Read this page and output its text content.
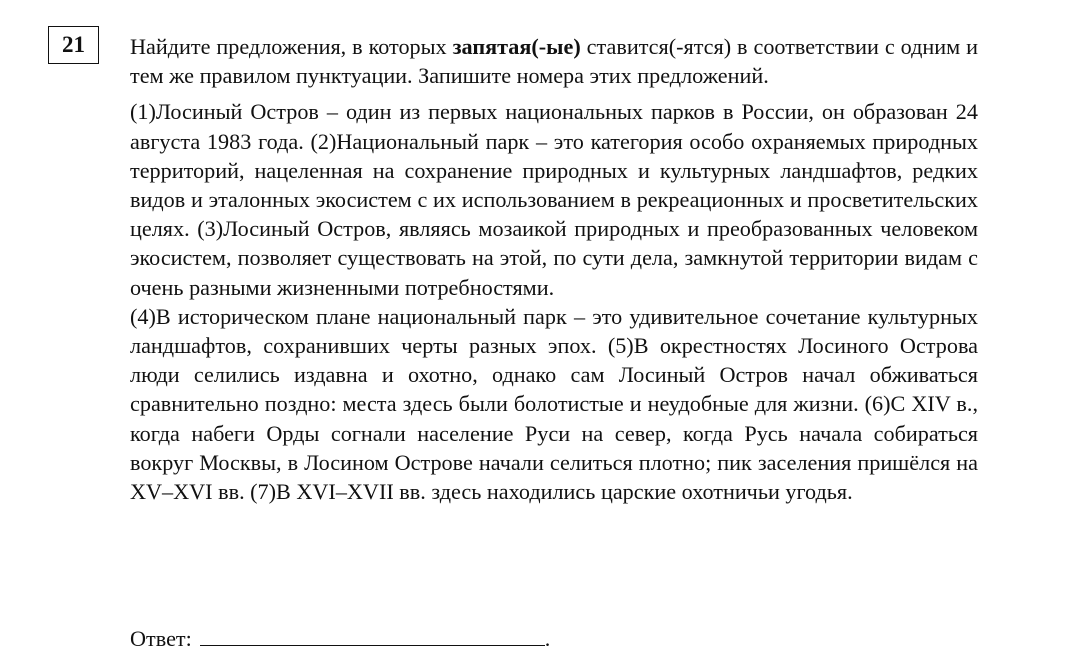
21 Найдите предложения, в которых запятая(-ые) ставится(-ятся) в соответствии с одним и тем же правилом пунктуации. Запишите номера этих предложений.

(1)Лосиный Остров – один из первых национальных парков в России, он образован 24 августа 1983 года. (2)Национальный парк – это категория особо охраняемых природных территорий, нацеленная на сохранение природных и культурных ландшафтов, редких видов и эталонных экосистем с их использованием в рекреационных и просветительских целях. (3)Лосиный Остров, являясь мозаикой природных и преобразованных человеком экосистем, позволяет существовать на этой, по сути дела, замкнутой территории видам с очень разными жизненными потребностями.

(4)В историческом плане национальный парк – это удивительное сочетание культурных ландшафтов, сохранивших черты разных эпох. (5)В окрестностях Лосиного Острова люди селились издавна и охотно, однако сам Лосиный Остров начал обживаться сравнительно поздно: места здесь были болотистые и неудобные для жизни. (6)С XIV в., когда набеги Орды согнали население Руси на север, когда Русь начала собираться вокруг Москвы, в Лосином Острове начали селиться плотно; пик заселения пришёлся на XV–XVI вв. (7)В XVI–XVII вв. здесь находились царские охотничьи угодья.

Ответ:	.
